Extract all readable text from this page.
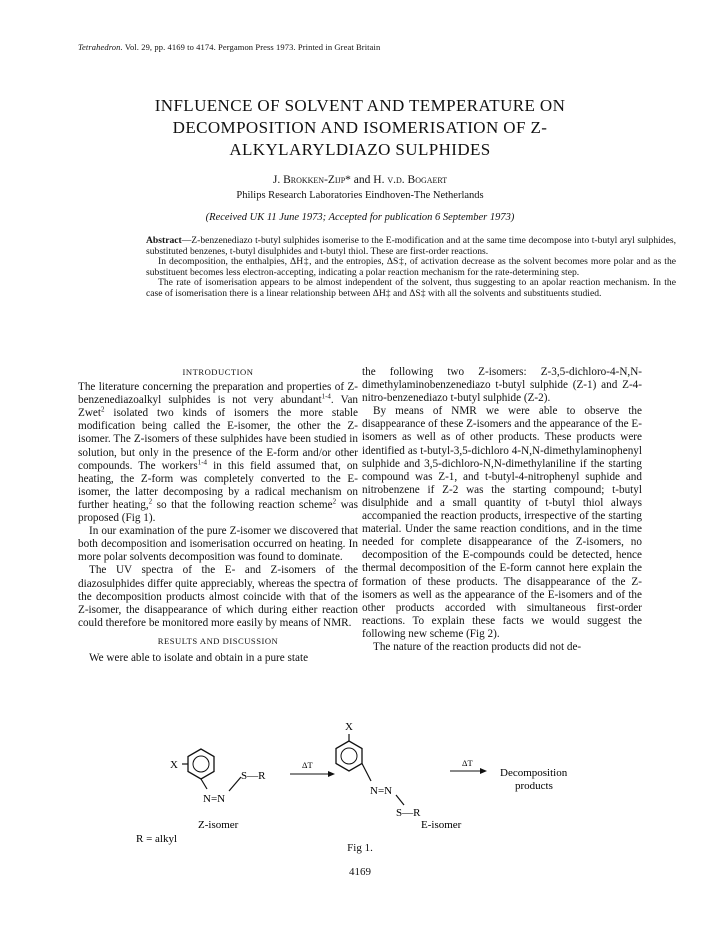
Tetrahedron. Vol. 29, pp. 4169 to 4174. Pergamon Press 1973. Printed in Great Britain
INFLUENCE OF SOLVENT AND TEMPERATURE ON DECOMPOSITION AND ISOMERISATION OF Z-ALKYLARYLDIAZO SULPHIDES
J. Brokken-Zijp* and H. v.d. Bogaert
Philips Research Laboratories Eindhoven-The Netherlands
(Received UK 11 June 1973; Accepted for publication 6 September 1973)

Abstract—Z-benzenediazo t-butyl sulphides isomerise to the E-modification and at the same time decompose into t-butyl aryl sulphides, substituted benzenes, t-butyl disulphides and t-butyl thiol. These are first-order reactions.

In decomposition, the enthalpies, ΔH‡, and the entropies, ΔS‡, of activation decrease as the solvent becomes more polar and as the substituent becomes less electron-accepting, indicating a polar reaction mechanism for the rate-determining step.

The rate of isomerisation appears to be almost independent of the solvent, thus suggesting to an apolar reaction mechanism. In the case of isomerisation there is a linear relationship between ΔH‡ and ΔS‡ with all the solvents and substituents studied.

INTRODUCTION

The literature concerning the preparation and properties of Z-benzenediazoalkyl sulphides is not very abundant$^{1-4}$. Van Zwet$^2$ isolated two kinds of isomers the more stable modification being called the E-isomer, the other the Z-isomer. The Z-isomers of these sulphides have been studied in solution, but only in the presence of the E-form and/or other compounds. The workers$^{1-4}$ in this field assumed that, on heating, the Z-form was completely converted to the E-isomer, the latter decomposing by a radical mechanism on further heating,$^2$ so that the following reaction scheme$^2$ was proposed (Fig 1).

In our examination of the pure Z-isomer we discovered that both decomposition and isomerisation occurred on heating. In more polar solvents decomposition was found to dominate.

The UV spectra of the E- and Z-isomers of the diazosulphides differ quite appreciably, whereas the spectra of the decomposition products almost coincide with that of the Z-isomer, the disappearance of which during either reaction could therefore be monitored more easily by means of NMR.

RESULTS AND DISCUSSION

We were able to isolate and obtain in a pure state

the following two Z-isomers: Z-3,5-dichloro-4-N,N-dimethylaminobenzenediazo t-butyl sulphide (Z-1) and Z-4-nitro-benzenediazo t-butyl sulphide (Z-2).

By means of NMR we were able to observe the disappearance of these Z-isomers and the appearance of the E-isomers as well as of other products. These products were identified as t-butyl-3,5-dichloro 4-N,N-dimethylaminophenyl sulphide and 3,5-dichloro-N,N-dimethylaniline if the starting compound was Z-1, and t-butyl-4-nitrophenyl suphide and nitrobenzene if Z-2 was the starting compound; t-butyl disulphide and a small quantity of t-butyl thiol always accompanied the reaction products, irrespective of the starting material. Under the same reaction conditions, and in the time needed for complete disappearance of the Z-isomers, no decomposition of the E-compounds could be detected, hence thermal decomposition of the E-form cannot here explain the formation of these products. The disappearance of the Z-isomers as well as the appearance of the E-isomers and of the other products accorded with simultaneous first-order reactions. To explain these facts we would suggest the following new scheme (Fig 2).

The nature of the reaction products did not de-

X
N=N
S—R
ΔT
X
N=N
S—R
ΔT
Decomposition
products
Z-isomer	E-isomer
R = alkyl
Fig 1.
4169
